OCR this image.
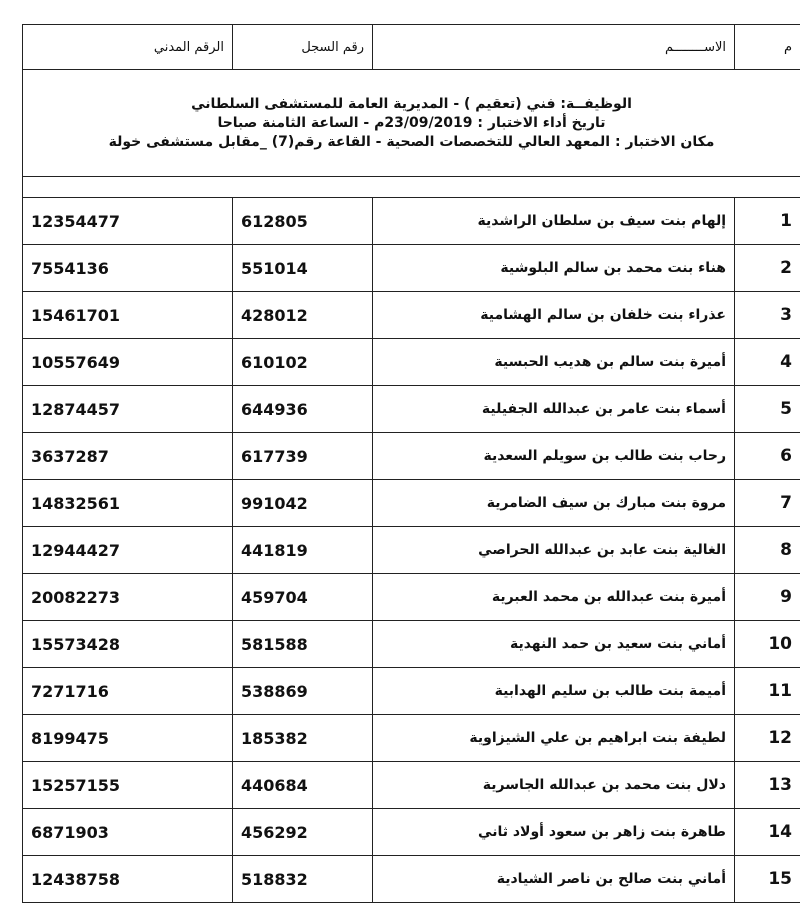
م	الاســــــــم	رقم السجل	الرقم المدني

الوظيفــة: فني (تعقيم ) - المديرية العامة للمستشفى السلطاني
تاريخ أداء الاختبار : 23/09/2019م - الساعة الثامنة صباحا
مكان الاختبار : المعهد العالي للتخصصات الصحية - القاعة رقم(7) _مقابل مستشفى خولة			

1	إلهام بنت سيف بن سلطان الراشدية	612805	12354477
2	هناء بنت محمد بن سالم البلوشية	551014	7554136
3	عذراء بنت خلفان بن سالم الهشامية	428012	15461701
4	أميرة بنت سالم بن هديب الحبسية	610102	10557649
5	أسماء بنت عامر بن عبدالله الجفيلية	644936	12874457
6	رحاب بنت طالب بن سويلم السعدية	617739	3637287
7	مروة بنت مبارك بن سيف الضامرية	991042	14832561
8	الغالية بنت عابد بن عبدالله الحراصي	441819	12944427
9	أميرة بنت عبدالله بن محمد العبرية	459704	20082273
10	أماني بنت سعيد بن حمد النهدية	581588	15573428
11	أميمة بنت طالب بن سليم الهدابية	538869	7271716
12	لطيفة بنت ابراهيم بن علي الشيزاوية	185382	8199475
13	دلال بنت محمد بن عبدالله الجاسرية	440684	15257155
14	طاهرة بنت زاهر بن سعود أولاد ثاني	456292	6871903
15	أماني بنت صالح بن ناصر الشيادية	518832	12438758
